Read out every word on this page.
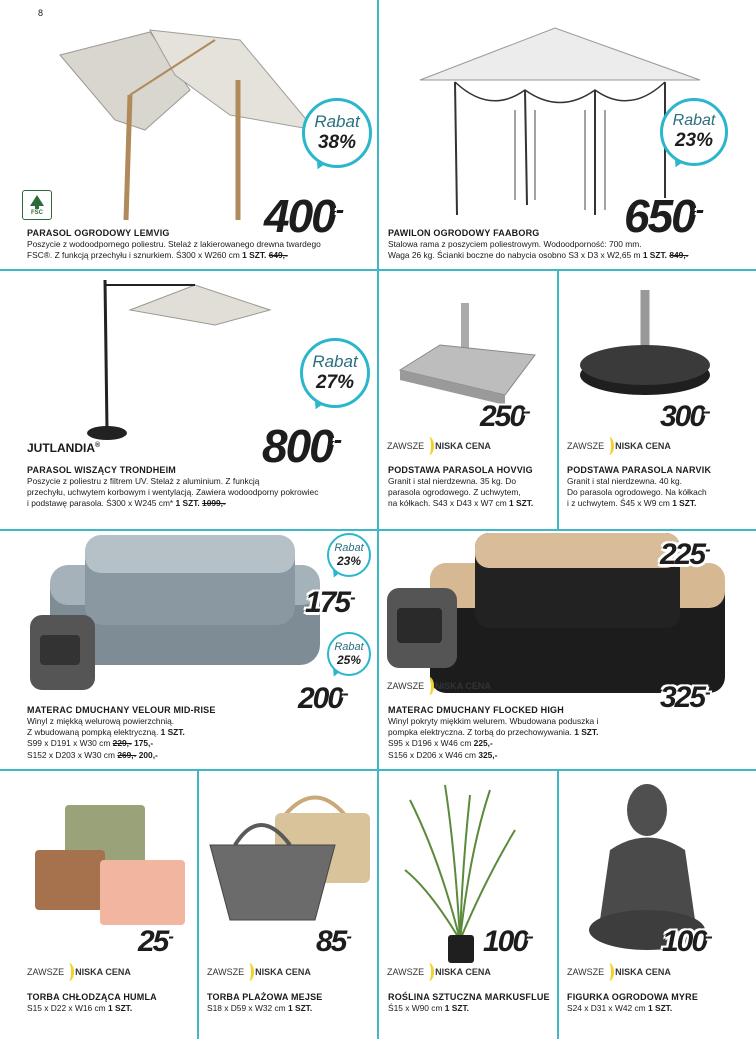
8
FSC
Rabat
38%
400-
PARASOL OGRODOWY LEMVIG
Poszycie z wodoodpornego poliestru. Stelaż z lakierowanego drewna twardego
FSC®. Z funkcją przechyłu i sznurkiem. Ś300 x W260 cm 1 SZT. 649,-
Rabat
23%
650-
PAWILON OGRODOWY FAABORG
Stalowa rama z poszyciem poliestrowym. Wodoodporność: 700 mm.
Waga 26 kg. Ścianki boczne do nabycia osobno S3 x D3 x W2,65 m 1 SZT. 849,-
JUTLANDIA®
Rabat
27%
800-
PARASOL WISZĄCY TRONDHEIM
Poszycie z poliestru z filtrem UV. Stelaż z aluminium. Z funkcją
przechyłu, uchwytem korbowym i wentylacją. Zawiera wodoodporny pokrowiec
i podstawę parasola. Ś300 x W245 cm* 1 SZT. 1099,-
250-
ZAWSZE NISKA CENA
PODSTAWA PARASOLA HOVVIG
Granit i stal nierdzewna. 35 kg. Do
parasola ogrodowego. Z uchwytem,
na kółkach. S43 x D43 x W7 cm 1 SZT.
300-
ZAWSZE NISKA CENA
PODSTAWA PARASOLA NARVIK
Granit i stal nierdzewna. 40 kg.
Do parasola ogrodowego. Na kółkach
i z uchwytem. Ś45 x W9 cm 1 SZT.
Rabat
23%
175-
Rabat
25%
200-
MATERAC DMUCHANY VELOUR MID-RISE
Winyl z miękką welurową powierzchnią.
Z wbudowaną pompką elektryczną. 1 SZT.
S99 x D191 x W30 cm 229,- 175,-
S152 x D203 x W30 cm 269,- 200,-
225-
325-
ZAWSZE NISKA CENA
MATERAC DMUCHANY FLOCKED HIGH
Winyl pokryty miękkim welurem. Wbudowana poduszka i
pompka elektryczna. Z torbą do przechowywania. 1 SZT.
S95 x D196 x W46 cm 225,-
S156 x D206 x W46 cm 325,-
25-
ZAWSZE NISKA CENA
TORBA CHŁODZĄCA HUMLA
S15 x D22 x W16 cm 1 SZT.
85-
ZAWSZE NISKA CENA
TORBA PLAŻOWA MEJSE
S18 x D59 x W32 cm 1 SZT.
100-
ZAWSZE NISKA CENA
ROŚLINA SZTUCZNA MARKUSFLUE
Ś15 x W90 cm 1 SZT.
100-
ZAWSZE NISKA CENA
FIGURKA OGRODOWA MYRE
S24 x D31 x W42 cm 1 SZT.
